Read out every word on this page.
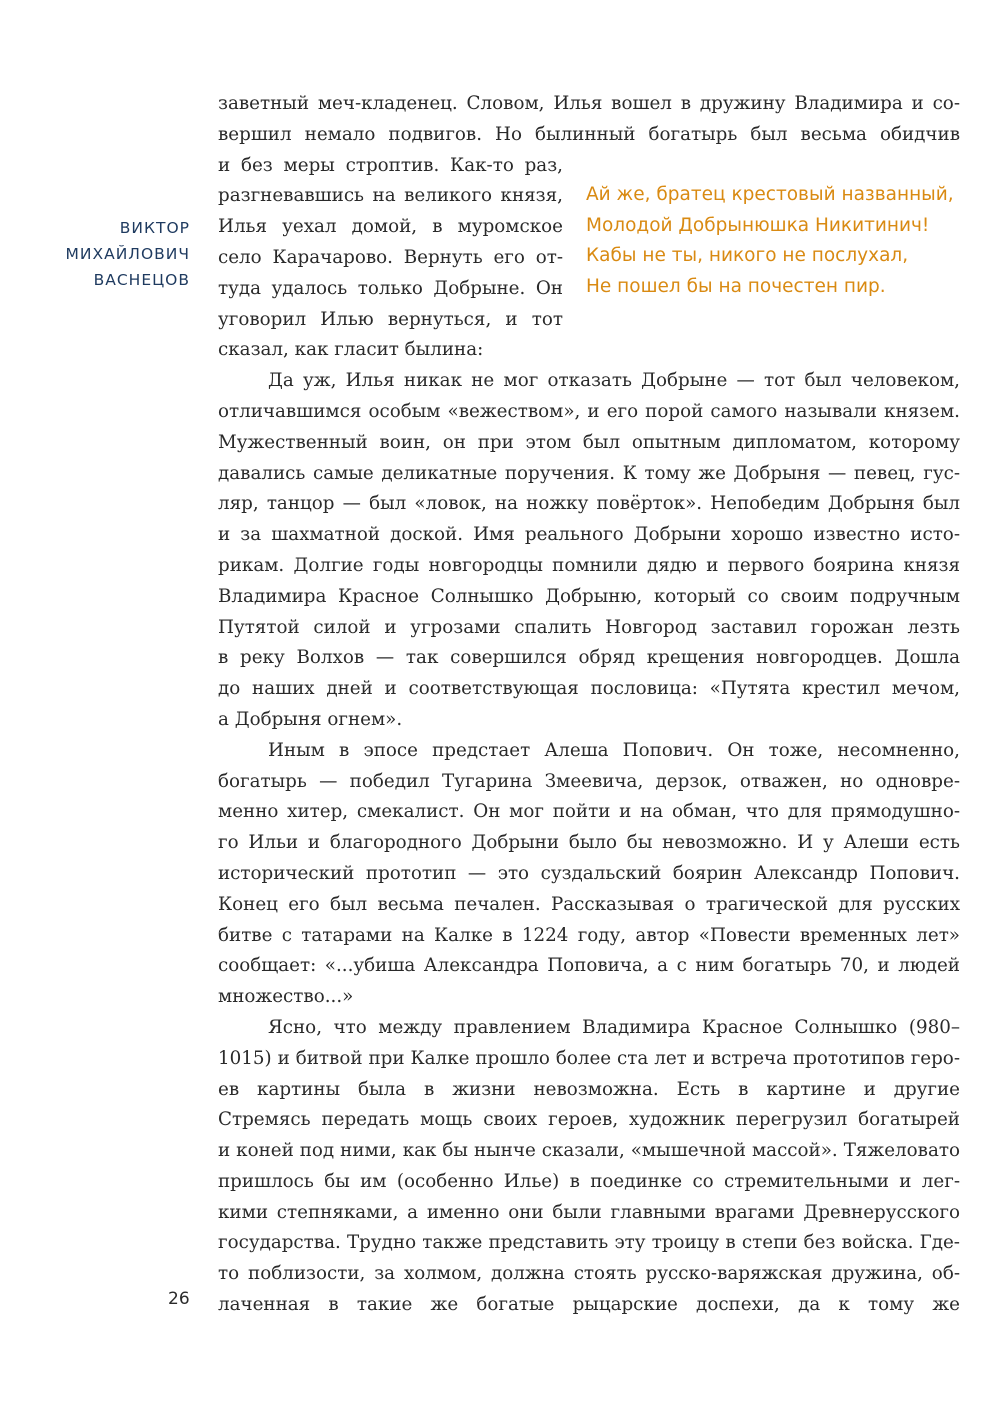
ВИКТОР
МИХАЙЛОВИЧ
ВАСНЕЦОВ
Ай же, братец крестовый названный,
Молодой Добрынюшка Никитинич!
Кабы не ты, никого не послухал,
Не пошел бы на почестен пир.
заветный меч-кладенец. Словом, Илья вошел в дружину Владимира и со-
вершил немало подвигов. Но былинный богатырь был весьма обидчив
и без меры строптив. Как-то раз,
разгневавшись на великого князя,
Илья уехал домой, в муромское
село Карачарово. Вернуть его от-
туда удалось только Добрыне. Он
уговорил Илью вернуться, и тот
сказал, как гласит былина:
Да уж, Илья никак не мог отказать Добрыне — тот был человеком,
отличавшимся особым «вежеством», и его порой самого называли князем.
Мужественный воин, он при этом был опытным дипломатом, которому
давались самые деликатные поручения. К тому же Добрыня — певец, гус-
ляр, танцор — был «ловок, на ножку повёрток». Непобедим Добрыня был
и за шахматной доской. Имя реального Добрыни хорошо известно исто-
рикам. Долгие годы новгородцы помнили дядю и первого боярина князя
Владимира Красное Солнышко Добрыню, который со своим подручным
Путятой силой и угрозами спалить Новгород заставил горожан лезть
в реку Волхов — так совершился обряд крещения новгородцев. Дошла
до наших дней и соответствующая пословица: «Путята крестил мечом,
а Добрыня огнем».
Иным в эпосе предстает Алеша Попович. Он тоже, несомненно,
богатырь — победил Тугарина Змеевича, дерзок, отважен, но одновре-
менно хитер, смекалист. Он мог пойти и на обман, что для прямодушно-
го Ильи и благородного Добрыни было бы невозможно. И у Алеши есть
исторический прототип — это суздальский боярин Александр Попович.
Конец его был весьма печален. Рассказывая о трагической для русских
битве с татарами на Калке в 1224 году, автор «Повести временных лет»
сообщает: «...убиша Александра Поповича, а с ним богатырь 70, и людей
множество...»
Ясно, что между правлением Владимира Красное Солнышко (980–
1015) и битвой при Калке прошло более ста лет и встреча прототипов геро-
ев картины была в жизни невозможна. Есть в картине и другие
Стремясь передать мощь своих героев, художник перегрузил богатырей
и коней под ними, как бы нынче сказали, «мышечной массой». Тяжеловато
пришлось бы им (особенно Илье) в поединке со стремительными и лег-
кими степняками, а именно они были главными врагами Древнерусского
государства. Трудно также представить эту троицу в степи без войска. Где-
то поблизости, за холмом, должна стоять русско-варяжская дружина, об-
лаченная в такие же богатые рыцарские доспехи, да к тому же
26
